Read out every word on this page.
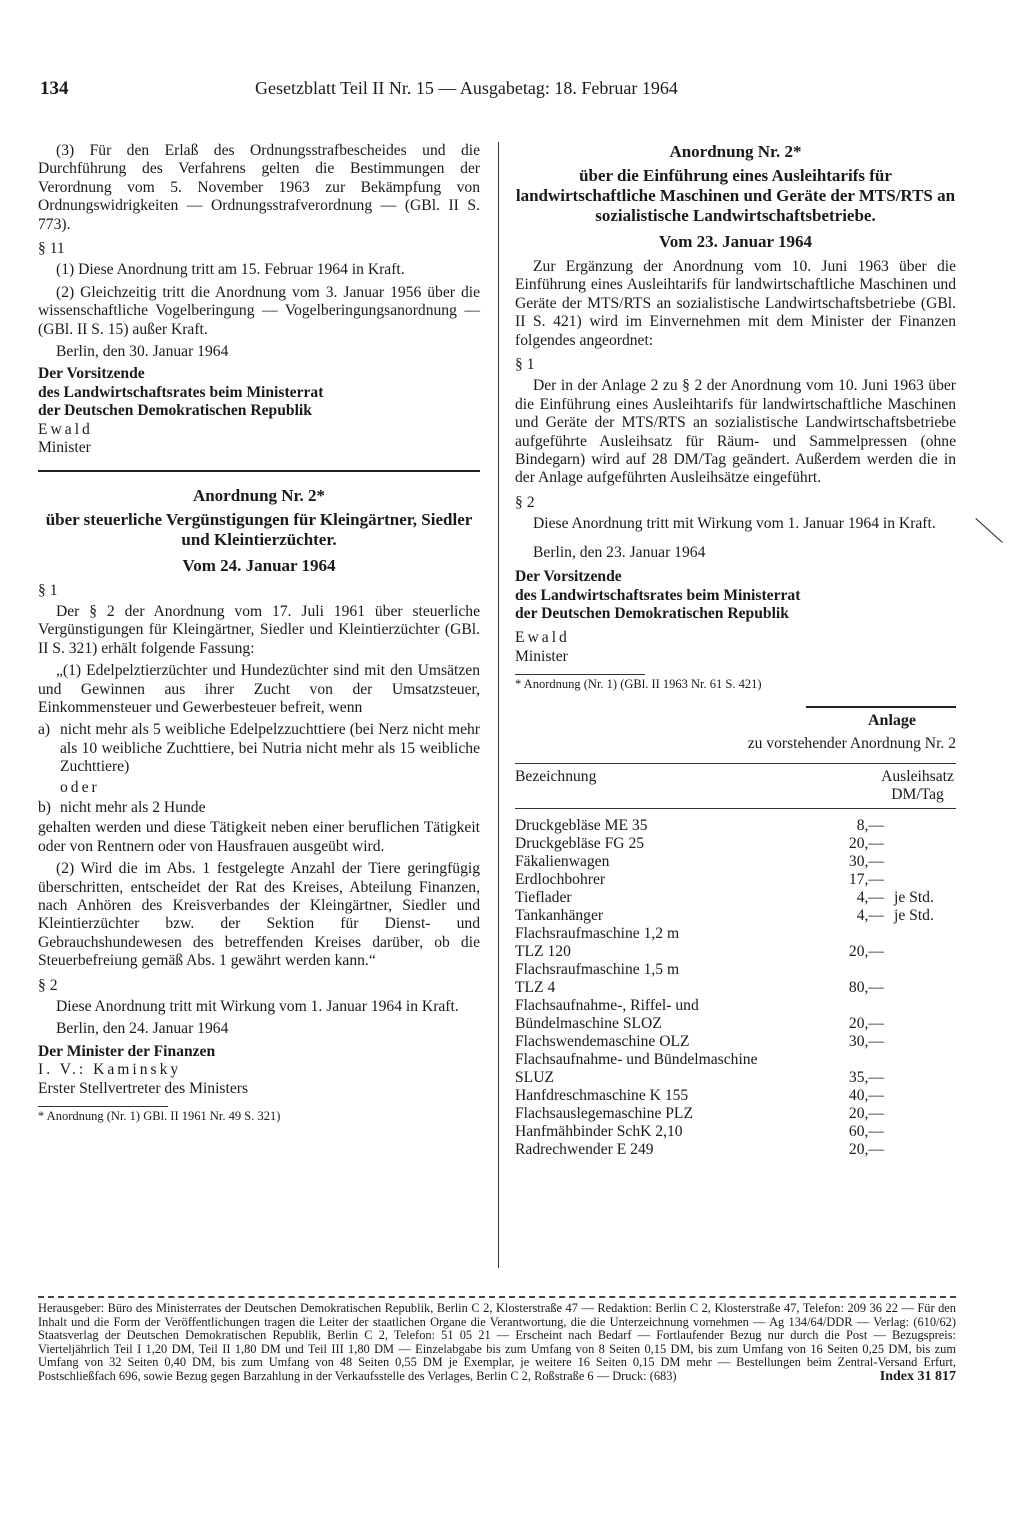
134	Gesetzblatt Teil II Nr. 15 — Ausgabetag: 18. Februar 1964

(3) Für den Erlaß des Ordnungsstrafbescheides und die Durchführung des Verfahrens gelten die Bestimmungen der Verordnung vom 5. November 1963 zur Bekämpfung von Ordnungswidrigkeiten — Ordnungsstrafverordnung — (GBl. II S. 773).

§ 11

(1) Diese Anordnung tritt am 15. Februar 1964 in Kraft.

(2) Gleichzeitig tritt die Anordnung vom 3. Januar 1956 über die wissenschaftliche Vogelberingung — Vogelberingungsanordnung — (GBl. II S. 15) außer Kraft.

Berlin, den 30. Januar 1964

Der Vorsitzende

des Landwirtschaftsrates beim Ministerrat

der Deutschen Demokratischen Republik

Ewald

Minister

Anordnung Nr. 2*

über steuerliche Vergünstigungen für Kleingärtner, Siedler und Kleintierzüchter.

Vom 24. Januar 1964

§ 1

Der § 2 der Anordnung vom 17. Juli 1961 über steuerliche Vergünstigungen für Kleingärtner, Siedler und Kleintierzüchter (GBl. II S. 321) erhält folgende Fassung:

„(1) Edelpelztierzüchter und Hundezüchter sind mit den Umsätzen und Gewinnen aus ihrer Zucht von der Umsatzsteuer, Einkommensteuer und Gewerbesteuer befreit, wenn

a) nicht mehr als 5 weibliche Edelpelzzuchttiere (bei Nerz nicht mehr als 10 weibliche Zuchttiere, bei Nutria nicht mehr als 15 weibliche Zuchttiere)

oder

b) nicht mehr als 2 Hunde

gehalten werden und diese Tätigkeit neben einer beruflichen Tätigkeit oder von Rentnern oder von Hausfrauen ausgeübt wird.

(2) Wird die im Abs. 1 festgelegte Anzahl der Tiere geringfügig überschritten, entscheidet der Rat des Kreises, Abteilung Finanzen, nach Anhören des Kreisverbandes der Kleingärtner, Siedler und Kleintierzüchter bzw. der Sektion für Dienst- und Gebrauchshundewesen des betreffenden Kreises darüber, ob die Steuerbefreiung gemäß Abs. 1 gewährt werden kann.“

§ 2

Diese Anordnung tritt mit Wirkung vom 1. Januar 1964 in Kraft.

Berlin, den 24. Januar 1964

Der Minister der Finanzen

I. V.: Kaminsky

Erster Stellvertreter des Ministers

* Anordnung (Nr. 1) GBl. II 1961 Nr. 49 S. 321)

Anordnung Nr. 2*

über die Einführung eines Ausleihtarifs für landwirtschaftliche Maschinen und Geräte der MTS/RTS an sozialistische Landwirtschaftsbetriebe.

Vom 23. Januar 1964

Zur Ergänzung der Anordnung vom 10. Juni 1963 über die Einführung eines Ausleihtarifs für landwirtschaftliche Maschinen und Geräte der MTS/RTS an sozialistische Landwirtschaftsbetriebe (GBl. II S. 421) wird im Einvernehmen mit dem Minister der Finanzen folgendes angeordnet:

§ 1

Der in der Anlage 2 zu § 2 der Anordnung vom 10. Juni 1963 über die Einführung eines Ausleihtarifs für landwirtschaftliche Maschinen und Geräte der MTS/RTS an sozialistische Landwirtschaftsbetriebe aufgeführte Ausleihsatz für Räum- und Sammelpressen (ohne Bindegarn) wird auf 28 DM/Tag geändert. Außerdem werden die in der Anlage aufgeführten Ausleihsätze eingeführt.

§ 2

Diese Anordnung tritt mit Wirkung vom 1. Januar 1964 in Kraft.

Berlin, den 23. Januar 1964

Der Vorsitzende

des Landwirtschaftsrates beim Ministerrat

der Deutschen Demokratischen Republik

Ewald

Minister

* Anordnung (Nr. 1) (GBl. II 1963 Nr. 61 S. 421)

Anlage

zu vorstehender Anordnung Nr. 2

Bezeichnung	Ausleihsatz
DM/Tag	

Druckgebläse ME 35	8,—	
Druckgebläse FG 25	20,—	
Fäkalienwagen	30,—	
Erdlochbohrer	17,—	
Tieflader	4,—	je Std.
Tankanhänger	4,—	je Std.
Flachsraufmaschine 1,2 m		
TLZ 120	20,—	
Flachsraufmaschine 1,5 m		
TLZ 4	80,—	
Flachsaufnahme-, Riffel- und		
Bündelmaschine SLOZ	20,—	
Flachswendemaschine OLZ	30,—	
Flachsaufnahme- und Bündelmaschine		
SLUZ	35,—	
Hanfdreschmaschine K 155	40,—	
Flachsauslegemaschine PLZ	20,—	
Hanfmähbinder SchK 2,10	60,—	
Radrechwender E 249	20,—	
Herausgeber: Büro des Ministerrates der Deutschen Demokratischen Republik, Berlin C 2, Klosterstraße 47 — Redaktion: Berlin C 2, Klosterstraße 47, Telefon: 209 36 22 — Für den Inhalt und die Form der Veröffentlichungen tragen die Leiter der staatlichen Organe die Verantwortung, die die Unterzeichnung vornehmen — Ag 134/64/DDR — Verlag: (610/62) Staatsverlag der Deutschen Demokratischen Republik, Berlin C 2, Telefon: 51 05 21 — Erscheint nach Bedarf — Fortlaufender Bezug nur durch die Post — Bezugspreis: Vierteljährlich Teil I 1,20 DM, Teil II 1,80 DM und Teil III 1,80 DM — Einzelabgabe bis zum Umfang von 8 Seiten 0,15 DM, bis zum Umfang von 16 Seiten 0,25 DM, bis zum Umfang von 32 Seiten 0,40 DM, bis zum Umfang von 48 Seiten 0,55 DM je Exemplar, je weitere 16 Seiten 0,15 DM mehr — Bestellungen beim Zentral-Versand Erfurt, Postschließfach 696, sowie Bezug gegen Barzahlung in der Verkaufsstelle des Verlages, Berlin C 2, Roßstraße 6 — Druck: (683)	Index 31 817
